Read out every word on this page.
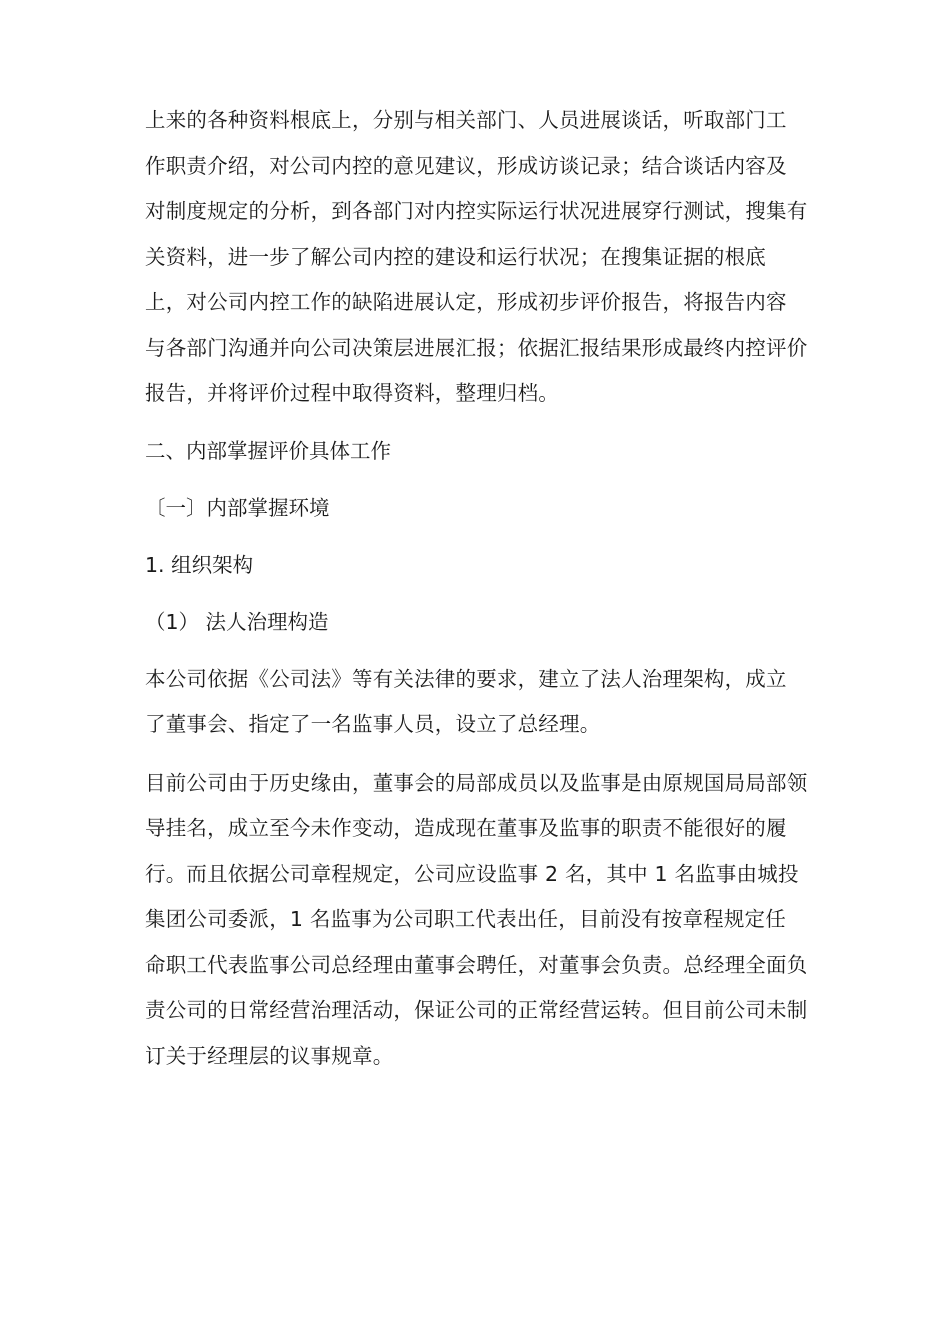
上来的各种资料根底上，分别与相关部门、人员进展谈话，听取部门工
作职责介绍，对公司内控的意见建议，形成访谈记录；结合谈话内容及
对制度规定的分析，到各部门对内控实际运行状况进展穿行测试，搜集有
关资料，进一步了解公司内控的建设和运行状况；在搜集证据的根底
上，对公司内控工作的缺陷进展认定，形成初步评价报告，将报告内容
与各部门沟通并向公司决策层进展汇报；依据汇报结果形成最终内控评价
报告，并将评价过程中取得资料，整理归档。
二、内部掌握评价具体工作
〔一〕内部掌握环境
1. 组织架构
（1） 法人治理构造
本公司依据《公司法》等有关法律的要求，建立了法人治理架构，成立
了董事会、指定了一名监事人员，设立了总经理。
目前公司由于历史缘由，董事会的局部成员以及监事是由原规国局局部领
导挂名，成立至今未作变动，造成现在董事及监事的职责不能很好的履
行。而且依据公司章程规定，公司应设监事 2 名，其中 1 名监事由城投
集团公司委派，1 名监事为公司职工代表出任，目前没有按章程规定任
命职工代表监事公司总经理由董事会聘任，对董事会负责。总经理全面负
责公司的日常经营治理活动，保证公司的正常经营运转。但目前公司未制
订关于经理层的议事规章。
